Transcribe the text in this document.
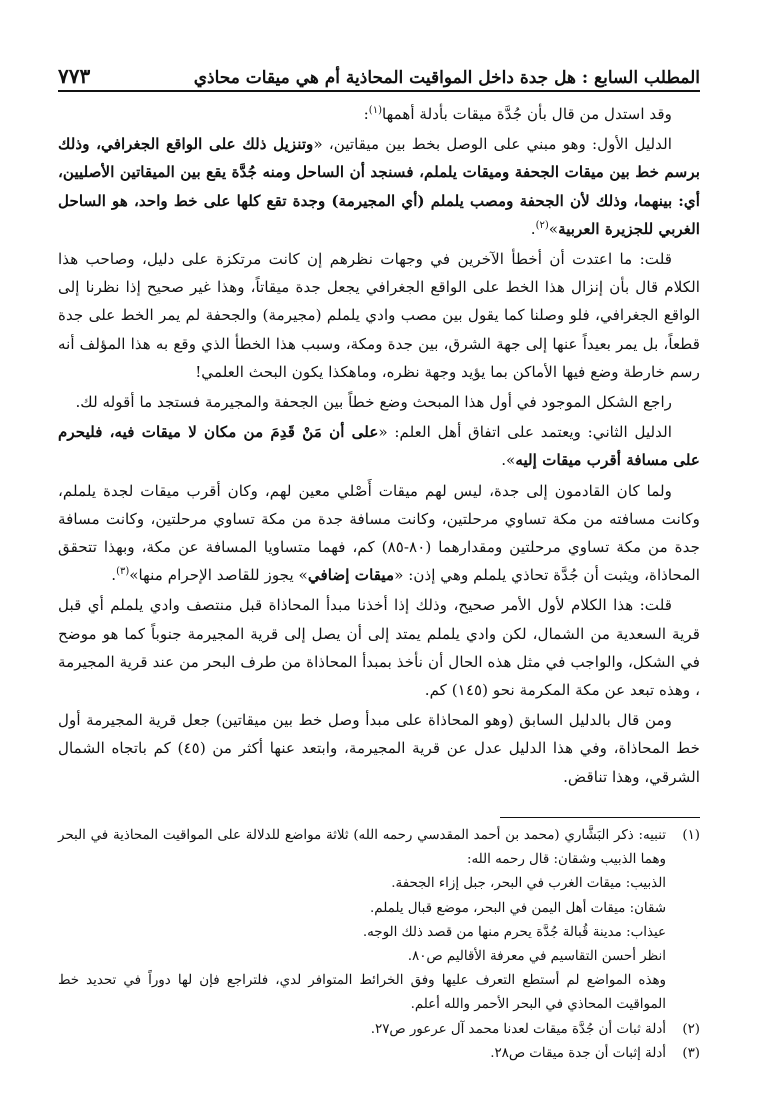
المطلب السابع : هل جدة داخل المواقيت المحاذية أم هي ميقات محاذي
٧٧٣

وقد استدل من قال بأن جُدَّة ميقات بأدلة أهمها$^{(١)}$:

الدليل الأول: وهو مبني على الوصل بخط بين ميقاتين، «وتنزيل ذلك على الواقع الجغرافي، وذلك برسم خط بين ميقات الجحفة وميقات يلملم، فسنجد أن الساحل ومنه جُدَّة يقع بين الميقاتين الأصليين، أي: بينهما، وذلك لأن الجحفة ومصب يلملم (أي المجيرمة) وجدة تقع كلها على خط واحد، هو الساحل الغربي للجزيرة العربية»$^{(٢)}$.

قلت: ما اعتدت أن أخطأ الآخرين في وجهات نظرهم إن كانت مرتكزة على دليل، وصاحب هذا الكلام قال بأن إنزال هذا الخط على الواقع الجغرافي يجعل جدة ميقاتاً، وهذا غير صحيح إذا نظرنا إلى الواقع الجغرافي، فلو وصلنا كما يقول بين مصب وادي يلملم (مجيرمة) والجحفة لم يمر الخط على جدة قطعاً، بل يمر بعيداً عنها إلى جهة الشرق، بين جدة ومكة، وسبب هذا الخطأ الذي وقع به هذا المؤلف أنه رسم خارطة وضع فيها الأماكن بما يؤيد وجهة نظره، وماهكذا يكون البحث العلمي!

راجع الشكل الموجود في أول هذا المبحث وضع خطاً بين الجحفة والمجيرمة فستجد ما أقوله لك.

الدليل الثاني: ويعتمد على اتفاق أهل العلم: «على أن مَنْ قَدِمَ من مكان لا ميقات فيه، فليحرم على مسافة أقرب ميقات إليه».

ولما كان القادمون إلى جدة، ليس لهم ميقات أَصْلي معين لهم، وكان أقرب ميقات لجدة يلملم، وكانت مسافته من مكة تساوي مرحلتين، وكانت مسافة جدة من مكة تساوي مرحلتين، وكانت مسافة جدة من مكة تساوي مرحلتين ومقدارهما (٨٠-٨٥) كم، فهما متساويا المسافة عن مكة، وبهذا تتحقق المحاذاة، ويثبت أن جُدَّة تحاذي يلملم وهي إذن: «ميقات إضافي» يجوز للقاصد الإحرام منها»$^{(٣)}$.

قلت: هذا الكلام لأول الأمر صحيح، وذلك إذا أخذنا مبدأ المحاذاة قبل منتصف وادي يلملم أي قبل قرية السعدية من الشمال، لكن وادي يلملم يمتد إلى أن يصل إلى قرية المجيرمة جنوباً كما هو موضح في الشكل، والواجب في مثل هذه الحال أن نأخذ بمبدأ المحاذاة من طرف البحر من عند قرية المجيرمة ، وهذه تبعد عن مكة المكرمة نحو (١٤٥) كم.

ومن قال بالدليل السابق (وهو المحاذاة على مبدأ وصل خط بين ميقاتين) جعل قرية المجيرمة أول خط المحاذاة، وفي هذا الدليل عدل عن قرية المجيرمة، وابتعد عنها أكثر من (٤٥) كم باتجاه الشمال الشرقي، وهذا تناقض.

(١)
تنبيه: ذكر البَشَّاري (محمد بن أحمد المقدسي رحمه الله) ثلاثة مواضع للدلالة على المواقيت المحاذية في البحر وهما الذبيب وشقان: قال رحمه الله:
الذبيب: ميقات الغرب في البحر، جبل إزاء الجحفة.
شقان: ميقات أهل اليمن في البحر، موضع قبال يلملم.
عيذاب: مدينة قُبالة جُدَّة يحرم منها من قصد ذلك الوجه.
انظر أحسن التقاسيم في معرفة الأقاليم ص٨٠.
وهذه المواضع لم أستطع التعرف عليها وفق الخرائط المتوافر لدي، فلتراجع فإن لها دوراً في تحديد خط المواقيت المحاذي في البحر الأحمر والله أعلم.
(٢)
أدلة ثبات أن جُدَّة ميقات لعدنا محمد آل عرعور ص٢٧.
(٣)
أدلة إثبات أن جدة ميقات ص٢٨.
